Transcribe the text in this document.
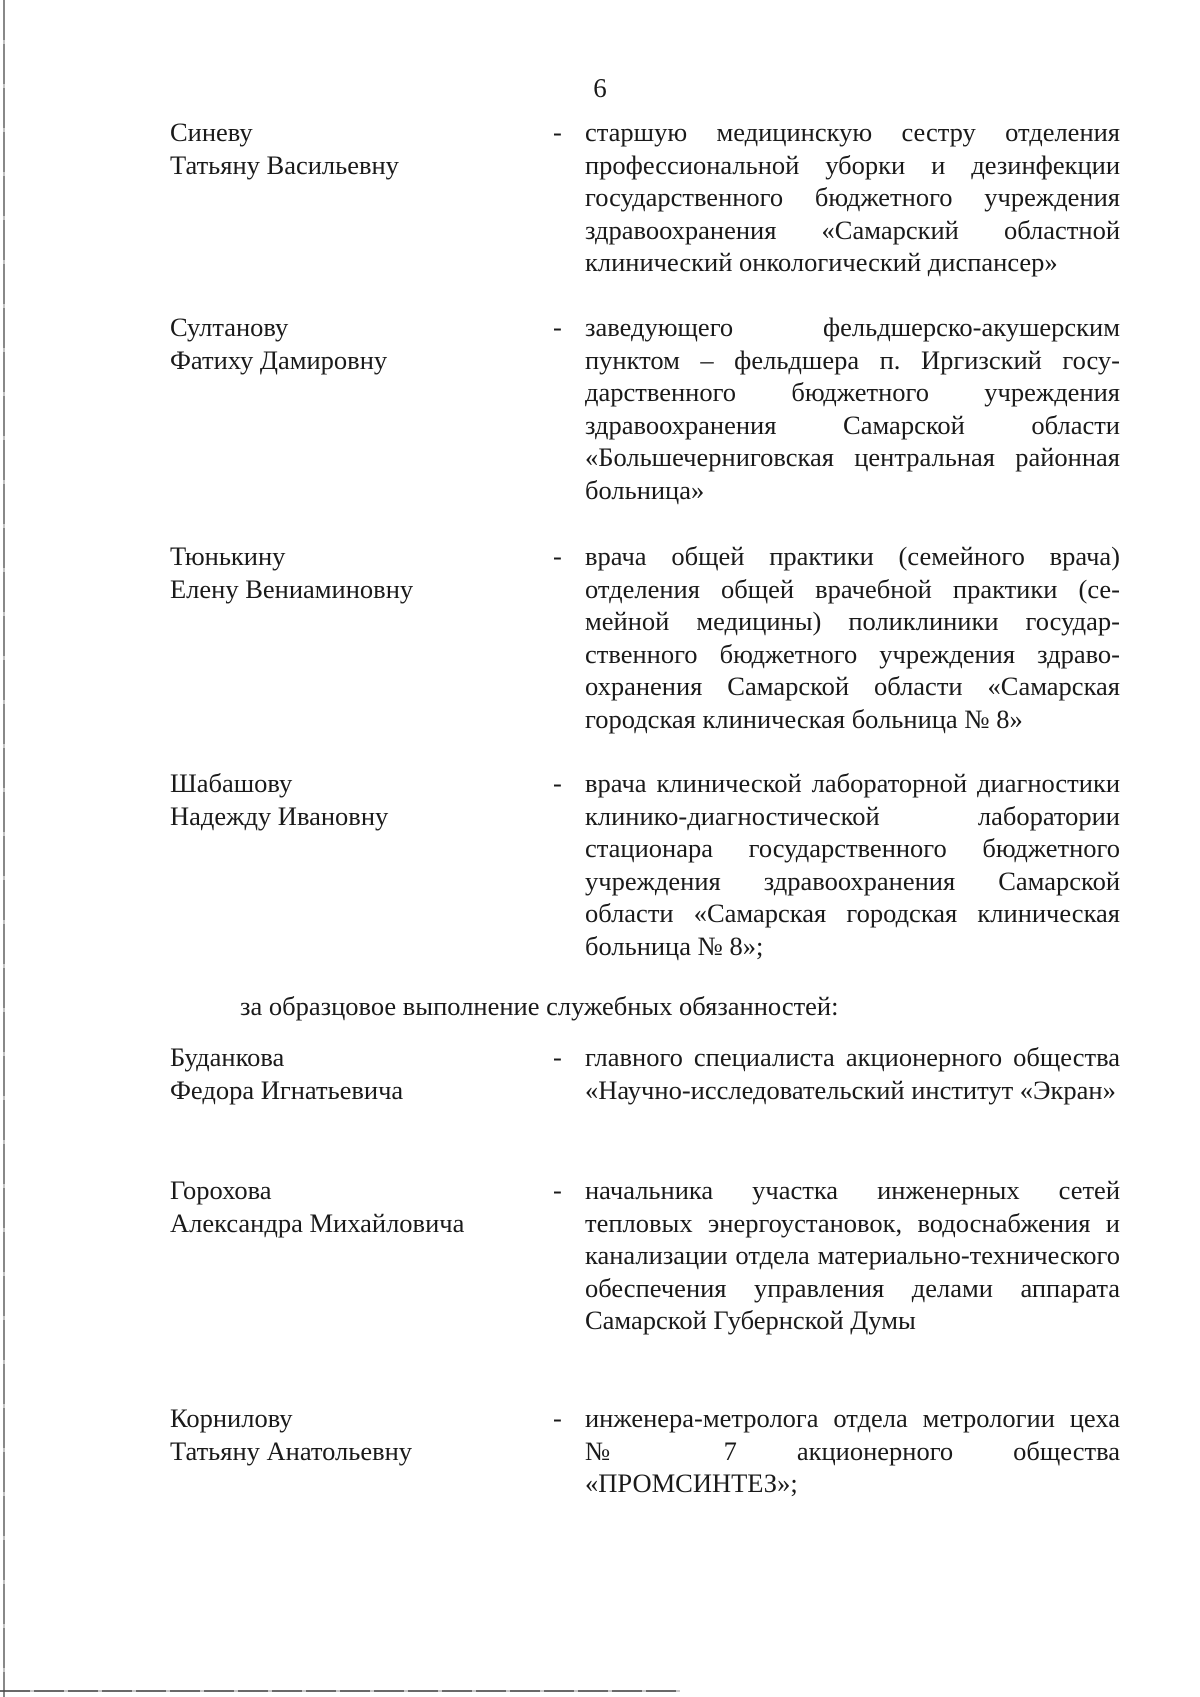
6
Синеву
Татьяну Васильевну
- старшую медицинскую сестру отделения профессиональной уборки и дезинфекции государственного бюджетного учреждения здравоохранения «Самарский областной клинический онкологический диспансер»
Султанову
Фатиху Дамировну
- заведующего фельдшерско-акушерским пунктом – фельдшера п. Иргизский государственного бюджетного учреждения здравоохранения Самарской области «Большечерниговская центральная районная больница»
Тюнькину
Елену Вениаминовну
- врача общей практики (семейного врача) отделения общей врачебной практики (семейной медицины) поликлиники государственного бюджетного учреждения здравоохранения Самарской области «Самарская городская клиническая больница № 8»
Шабашову
Надежду Ивановну
- врача клинической лабораторной диагностики клинико-диагностической лаборатории стационара государственного бюджетного учреждения здравоохранения Самарской области «Самарская городская клиническая больница № 8»;
за образцовое выполнение служебных обязанностей:
Буданкова
Федора Игнатьевича
- главного специалиста акционерного общества «Научно-исследовательский институт «Экран»
Горохова
Александра Михайловича
- начальника участка инженерных сетей тепловых энергоустановок, водоснабжения и канализации отдела материально-технического обеспечения управления делами аппарата Самарской Губернской Думы
Корнилову
Татьяну Анатольевну
- инженера-метролога отдела метрологии цеха № 7 акционерного общества «ПРОМСИНТЕЗ»;
